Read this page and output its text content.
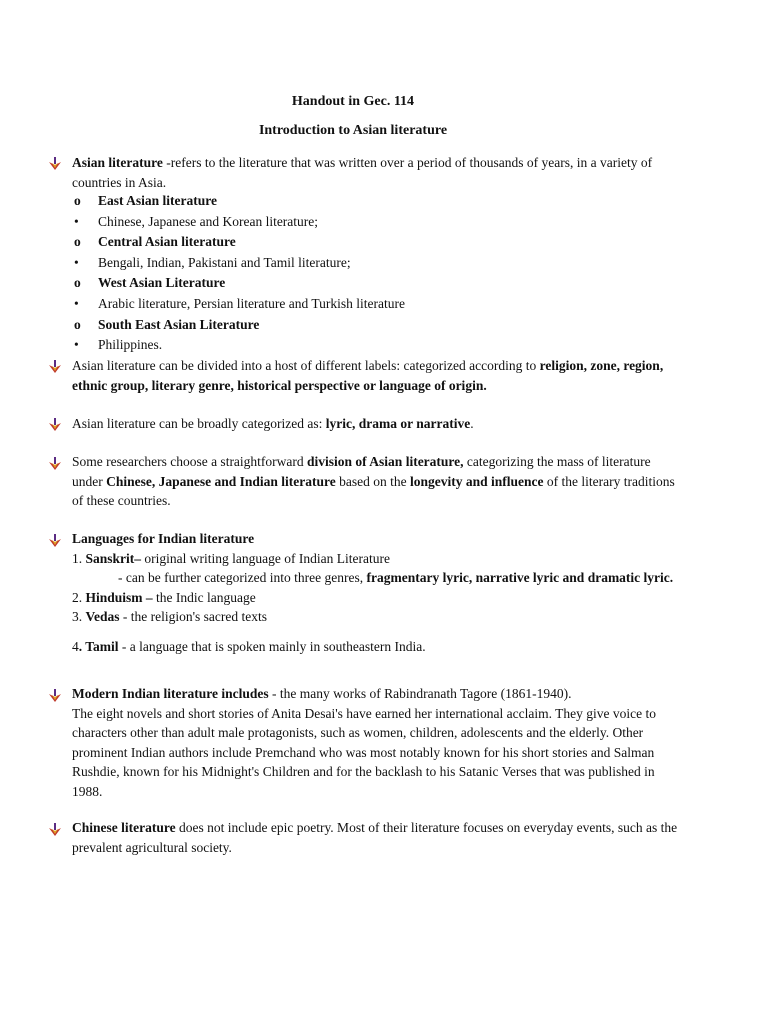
Handout in Gec. 114
Introduction to Asian literature
Asian literature -refers to the literature that was written over a period of thousands of years, in a variety of countries in Asia.
o East Asian literature
• Chinese, Japanese and Korean literature;
o Central Asian literature
• Bengali, Indian, Pakistani and Tamil literature;
o West Asian Literature
• Arabic literature, Persian literature and Turkish literature
o South East Asian Literature
• Philippines.
Asian literature can be divided into a host of different labels: categorized according to religion, zone, region, ethnic group, literary genre, historical perspective or language of origin.
Asian literature can be broadly categorized as: lyric, drama or narrative.
Some researchers choose a straightforward division of Asian literature, categorizing the mass of literature under Chinese, Japanese and Indian literature based on the longevity and influence of the literary traditions of these countries.
Languages for Indian literature
1. Sanskrit– original writing language of Indian Literature
- can be further categorized into three genres, fragmentary lyric, narrative lyric and dramatic lyric.
2. Hinduism – the Indic language
3. Vedas - the religion's sacred texts
4. Tamil - a language that is spoken mainly in southeastern India.
Modern Indian literature includes - the many works of Rabindranath Tagore (1861-1940).
The eight novels and short stories of Anita Desai's have earned her international acclaim. They give voice to characters other than adult male protagonists, such as women, children, adolescents and the elderly. Other prominent Indian authors include Premchand who was most notably known for his short stories and Salman Rushdie, known for his Midnight's Children and for the backlash to his Satanic Verses that was published in 1988.
Chinese literature does not include epic poetry. Most of their literature focuses on everyday events, such as the prevalent agricultural society.
